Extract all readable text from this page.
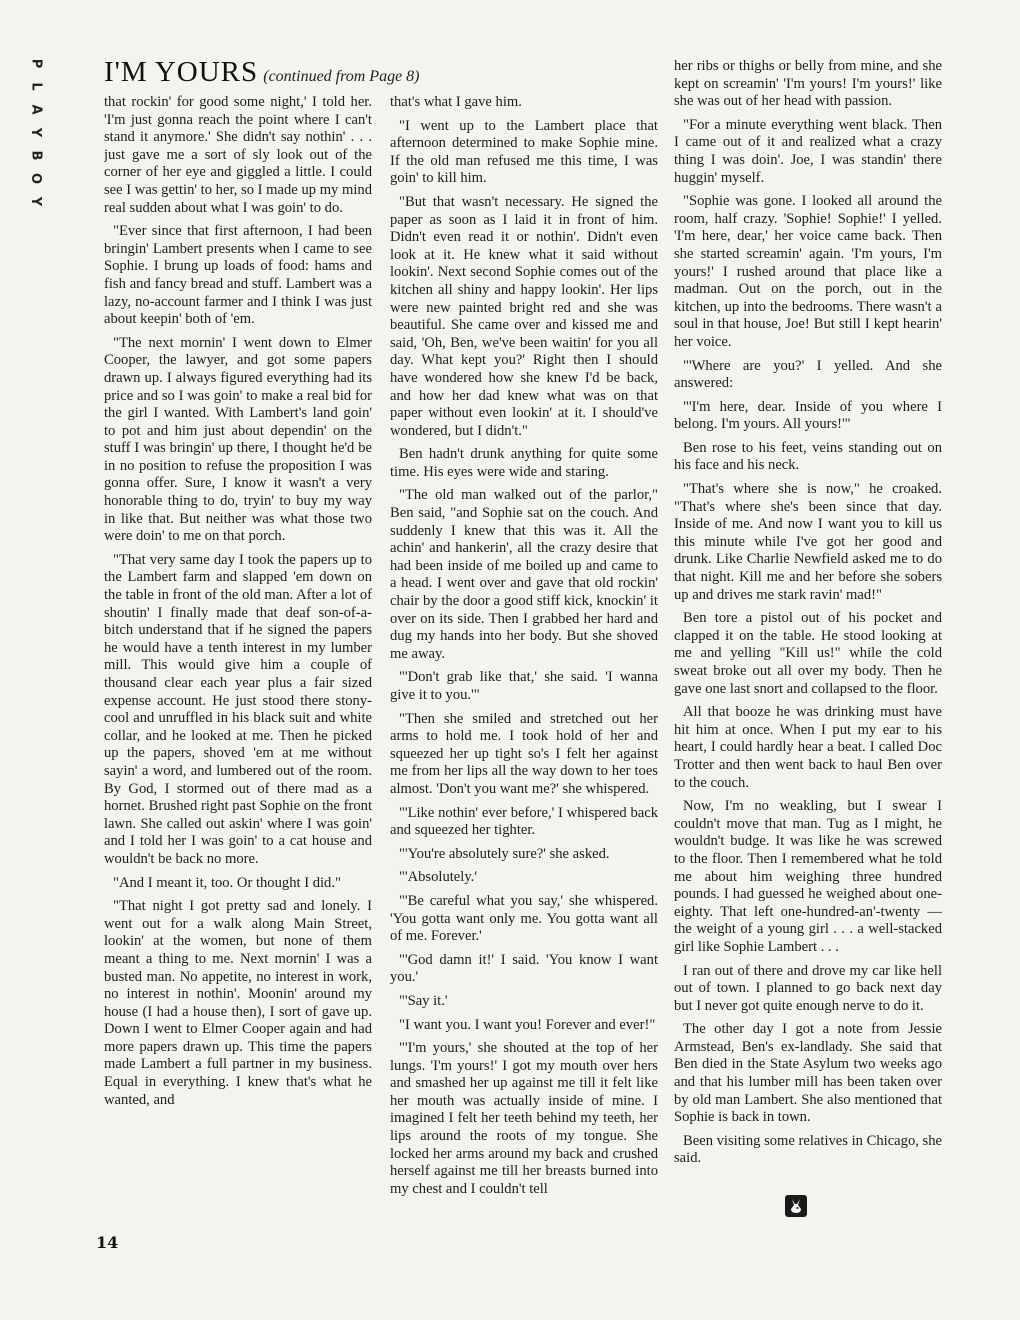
P
L
A
Y
B
O
Y
I'M YOURS (continued from Page 8)

that rockin' for good some night,' I told her. 'I'm just gonna reach the point where I can't stand it anymore.' She didn't say nothin' . . . just gave me a sort of sly look out of the corner of her eye and giggled a little. I could see I was gettin' to her, so I made up my mind real sudden about what I was goin' to do.

"Ever since that first afternoon, I had been bringin' Lambert presents when I came to see Sophie. I brung up loads of food: hams and fish and fancy bread and stuff. Lambert was a lazy, no-account farmer and I think I was just about keepin' both of 'em.

"The next mornin' I went down to Elmer Cooper, the lawyer, and got some papers drawn up. I always figured everything had its price and so I was goin' to make a real bid for the girl I wanted. With Lambert's land goin' to pot and him just about dependin' on the stuff I was bringin' up there, I thought he'd be in no position to refuse the proposition I was gonna offer. Sure, I know it wasn't a very honorable thing to do, tryin' to buy my way in like that. But neither was what those two were doin' to me on that porch.

"That very same day I took the papers up to the Lambert farm and slapped 'em down on the table in front of the old man. After a lot of shoutin' I finally made that deaf son-of-a-bitch understand that if he signed the papers he would have a tenth interest in my lumber mill. This would give him a couple of thousand clear each year plus a fair sized expense account. He just stood there stony-cool and unruffled in his black suit and white collar, and he looked at me. Then he picked up the papers, shoved 'em at me without sayin' a word, and lumbered out of the room. By God, I stormed out of there mad as a hornet. Brushed right past Sophie on the front lawn. She called out askin' where I was goin' and I told her I was goin' to a cat house and wouldn't be back no more.

"And I meant it, too. Or thought I did."

"That night I got pretty sad and lonely. I went out for a walk along Main Street, lookin' at the women, but none of them meant a thing to me. Next mornin' I was a busted man. No appetite, no interest in work, no interest in nothin'. Moonin' around my house (I had a house then), I sort of gave up. Down I went to Elmer Cooper again and had more papers drawn up. This time the papers made Lambert a full partner in my business. Equal in everything. I knew that's what he wanted, and

that's what I gave him.

"I went up to the Lambert place that afternoon determined to make Sophie mine. If the old man refused me this time, I was goin' to kill him.

"But that wasn't necessary. He signed the paper as soon as I laid it in front of him. Didn't even read it or nothin'. Didn't even look at it. He knew what it said without lookin'. Next second Sophie comes out of the kitchen all shiny and happy lookin'. Her lips were new painted bright red and she was beautiful. She came over and kissed me and said, 'Oh, Ben, we've been waitin' for you all day. What kept you?' Right then I should have wondered how she knew I'd be back, and how her dad knew what was on that paper without even lookin' at it. I should've wondered, but I didn't."

Ben hadn't drunk anything for quite some time. His eyes were wide and staring.

"The old man walked out of the parlor," Ben said, "and Sophie sat on the couch. And suddenly I knew that this was it. All the achin' and hankerin', all the crazy desire that had been inside of me boiled up and came to a head. I went over and gave that old rockin' chair by the door a good stiff kick, knockin' it over on its side. Then I grabbed her hard and dug my hands into her body. But she shoved me away.

"'Don't grab like that,' she said. 'I wanna give it to you.'"

"Then she smiled and stretched out her arms to hold me. I took hold of her and squeezed her up tight so's I felt her against me from her lips all the way down to her toes almost. 'Don't you want me?' she whispered.

"'Like nothin' ever before,' I whispered back and squeezed her tighter.

"'You're absolutely sure?' she asked.

"'Absolutely.'

"'Be careful what you say,' she whispered. 'You gotta want only me. You gotta want all of me. Forever.'

"'God damn it!' I said. 'You know I want you.'

"'Say it.'

"I want you. I want you! Forever and ever!"

"'I'm yours,' she shouted at the top of her lungs. 'I'm yours!' I got my mouth over hers and smashed her up against me till it felt like her mouth was actually inside of mine. I imagined I felt her teeth behind my teeth, her lips around the roots of my tongue. She locked her arms around my back and crushed herself against me till her breasts burned into my chest and I couldn't tell

her ribs or thighs or belly from mine, and she kept on screamin' 'I'm yours! I'm yours!' like she was out of her head with passion.

"For a minute everything went black. Then I came out of it and realized what a crazy thing I was doin'. Joe, I was standin' there huggin' myself.

"Sophie was gone. I looked all around the room, half crazy. 'Sophie! Sophie!' I yelled. 'I'm here, dear,' her voice came back. Then she started screamin' again. 'I'm yours, I'm yours!' I rushed around that place like a madman. Out on the porch, out in the kitchen, up into the bedrooms. There wasn't a soul in that house, Joe! But still I kept hearin' her voice.

"'Where are you?' I yelled. And she answered:

"'I'm here, dear. Inside of you where I belong. I'm yours. All yours!'"

Ben rose to his feet, veins standing out on his face and his neck.

"That's where she is now," he croaked. "That's where she's been since that day. Inside of me. And now I want you to kill us this minute while I've got her good and drunk. Like Charlie Newfield asked me to do that night. Kill me and her before she sobers up and drives me stark ravin' mad!"

Ben tore a pistol out of his pocket and clapped it on the table. He stood looking at me and yelling "Kill us!" while the cold sweat broke out all over my body. Then he gave one last snort and collapsed to the floor.

All that booze he was drinking must have hit him at once. When I put my ear to his heart, I could hardly hear a beat. I called Doc Trotter and then went back to haul Ben over to the couch.

Now, I'm no weakling, but I swear I couldn't move that man. Tug as I might, he wouldn't budge. It was like he was screwed to the floor. Then I remembered what he told me about him weighing three hundred pounds. I had guessed he weighed about one-eighty. That left one-hundred-an'-twenty — the weight of a young girl . . . a well-stacked girl like Sophie Lambert . . .

I ran out of there and drove my car like hell out of town. I planned to go back next day but I never got quite enough nerve to do it.

The other day I got a note from Jessie Armstead, Ben's ex-landlady. She said that Ben died in the State Asylum two weeks ago and that his lumber mill has been taken over by old man Lambert. She also mentioned that Sophie is back in town.

Been visiting some relatives in Chicago, she said.

14
